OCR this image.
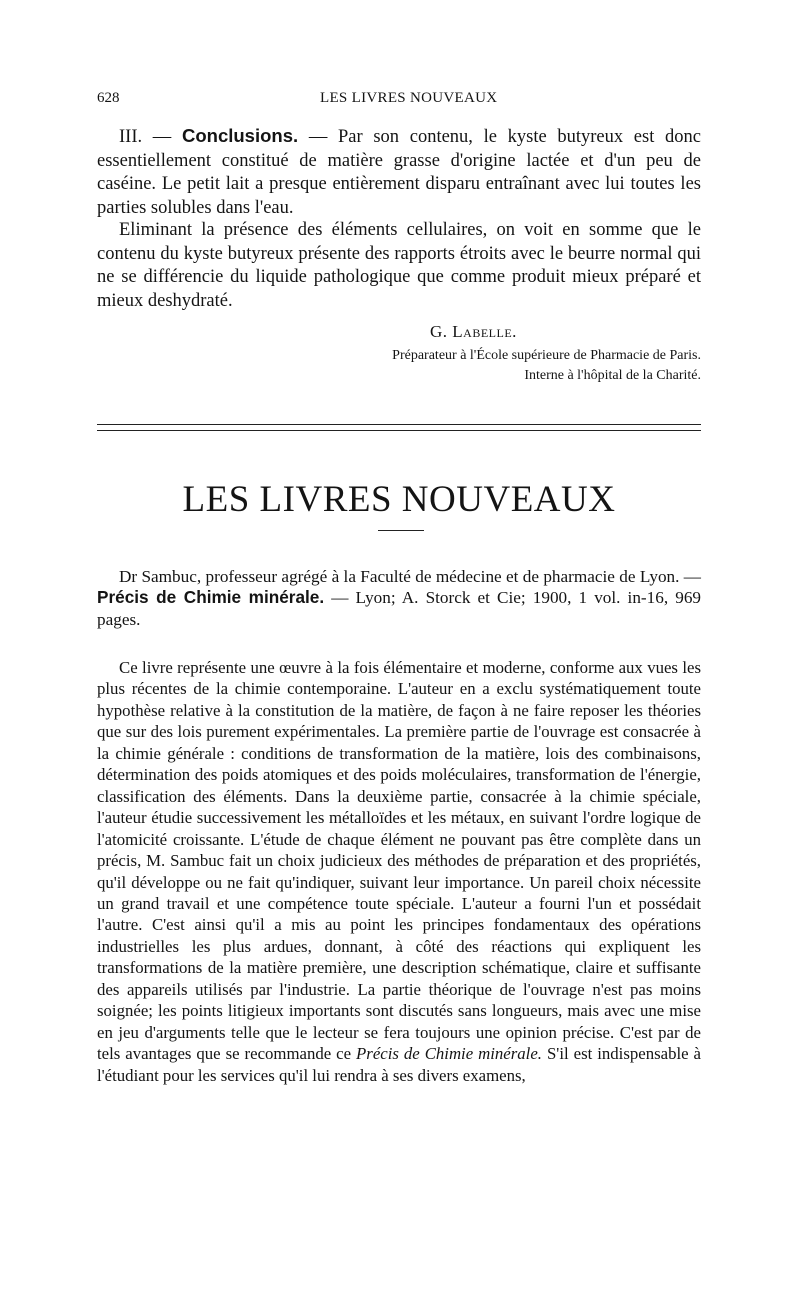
628	LES LIVRES NOUVEAUX

III. — Conclusions. — Par son contenu, le kyste butyreux est donc essentiellement constitué de matière grasse d'origine lactée et d'un peu de caséine. Le petit lait a presque entièrement disparu entraînant avec lui toutes les parties solubles dans l'eau.

Eliminant la présence des éléments cellulaires, on voit en somme que le contenu du kyste butyreux présente des rapports étroits avec le beurre normal qui ne se différencie du liquide pathologique que comme produit mieux préparé et mieux deshydraté.

G. Labelle.
Préparateur à l'École supérieure de Pharmacie de Paris.
Interne à l'hôpital de la Charité.
LES LIVRES NOUVEAUX

Dr Sambuc, professeur agrégé à la Faculté de médecine et de pharmacie de Lyon. — Précis de Chimie minérale. — Lyon; A. Storck et Cie; 1900, 1 vol. in-16, 969 pages.

Ce livre représente une œuvre à la fois élémentaire et moderne, conforme aux vues les plus récentes de la chimie contemporaine. L'auteur en a exclu systématiquement toute hypothèse relative à la constitution de la matière, de façon à ne faire reposer les théories que sur des lois purement expérimentales. La première partie de l'ouvrage est consacrée à la chimie générale : conditions de transformation de la matière, lois des combinaisons, détermination des poids atomiques et des poids moléculaires, transformation de l'énergie, classification des éléments. Dans la deuxième partie, consacrée à la chimie spéciale, l'auteur étudie successivement les métalloïdes et les métaux, en suivant l'ordre logique de l'atomicité croissante. L'étude de chaque élément ne pouvant pas être complète dans un précis, M. Sambuc fait un choix judicieux des méthodes de préparation et des propriétés, qu'il développe ou ne fait qu'indiquer, suivant leur importance. Un pareil choix nécessite un grand travail et une compétence toute spéciale. L'auteur a fourni l'un et possédait l'autre. C'est ainsi qu'il a mis au point les principes fondamentaux des opérations industrielles les plus ardues, donnant, à côté des réactions qui expliquent les transformations de la matière première, une description schématique, claire et suffisante des appareils utilisés par l'industrie. La partie théorique de l'ouvrage n'est pas moins soignée; les points litigieux importants sont discutés sans longueurs, mais avec une mise en jeu d'arguments telle que le lecteur se fera toujours une opinion précise. C'est par de tels avantages que se recommande ce Précis de Chimie minérale. S'il est indispensable à l'étudiant pour les services qu'il lui rendra à ses divers examens,
